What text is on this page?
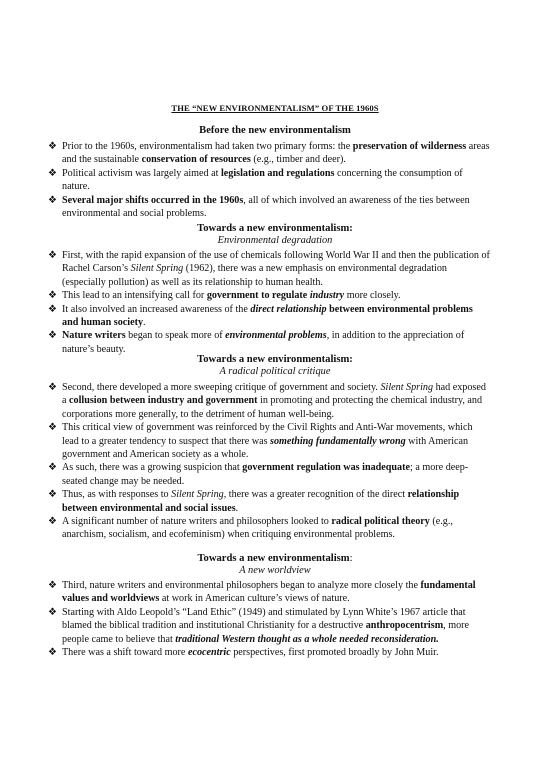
THE “NEW ENVIRONMENTALISM” OF THE 1960S
Before the new environmentalism
❖ Prior to the 1960s, environmentalism had taken two primary forms: the preservation of wilderness areas and the sustainable conservation of resources (e.g., timber and deer).
❖ Political activism was largely aimed at legislation and regulations concerning the consumption of nature.
❖ Several major shifts occurred in the 1960s, all of which involved an awareness of the ties between environmental and social problems.
Towards a new environmentalism:
Environmental degradation
❖ First, with the rapid expansion of the use of chemicals following World War II and then the publication of Rachel Carson’s Silent Spring (1962), there was a new emphasis on environmental degradation (especially pollution) as well as its relationship to human health.
❖ This lead to an intensifying call for government to regulate industry more closely.
❖ It also involved an increased awareness of the direct relationship between environmental problems and human society.
❖ Nature writers began to speak more of environmental problems, in addition to the appreciation of nature’s beauty.
Towards a new environmentalism:
A radical political critique
❖ Second, there developed a more sweeping critique of government and society. Silent Spring had exposed a collusion between industry and government in promoting and protecting the chemical industry, and corporations more generally, to the detriment of human well-being.
❖ This critical view of government was reinforced by the Civil Rights and Anti-War movements, which lead to a greater tendency to suspect that there was something fundamentally wrong with American government and American society as a whole.
❖ As such, there was a growing suspicion that government regulation was inadequate; a more deep-seated change may be needed.
❖ Thus, as with responses to Silent Spring, there was a greater recognition of the direct relationship between environmental and social issues.
❖ A significant number of nature writers and philosophers looked to radical political theory (e.g., anarchism, socialism, and ecofeminism) when critiquing environmental problems.
Towards a new environmentalism:
A new worldview
❖ Third, nature writers and environmental philosophers began to analyze more closely the fundamental values and worldviews at work in American culture’s views of nature.
❖ Starting with Aldo Leopold’s “Land Ethic” (1949) and stimulated by Lynn White’s 1967 article that blamed the biblical tradition and institutional Christianity for a destructive anthropocentrism, more people came to believe that traditional Western thought as a whole needed reconsideration.
❖ There was a shift toward more ecocentric perspectives, first promoted broadly by John Muir.
